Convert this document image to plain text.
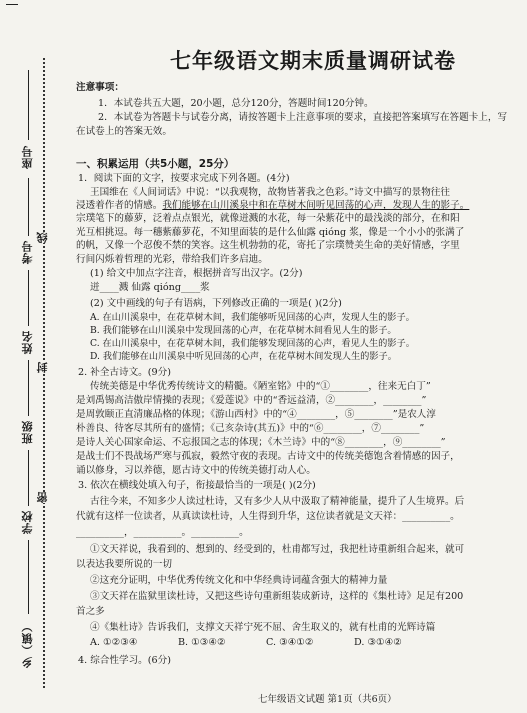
座号
考号
姓名
班级
学校
乡（镇）
线
封
密
七年级语文期末质量调研试卷
注意事项：
1．本试卷共五大题，20小题，总分120分，答题时间120分钟。
2．本试卷为答题卡与试卷分离，请按答题卡上注意事项的要求，直接把答案填写在答题卡上，写
在试卷上的答案无效。
一、积累运用（共5小题，25分）
1．阅读下面的文字，按要求完成下列各题。(4分)
王国维在《人间词话》中说：“以我观物，故物皆著我之色彩。”诗文中描写的景物往往
浸透着作者的情感。我们能够在山川溪泉中和在草树木间听见回荡的心声，发现人生的影子。
宗璞笔下的藤萝，泛着点点银光，就像迸溅的水花，每一朵紫花中的最浅淡的部分，在和阳
光互相挑逗。每一穗紫藤萝花，不知里面装的是什么仙露 qióng 浆，像是一个小小的张满了
的帆，又像一个忍俊不禁的笑容。这生机勃勃的花，寄托了宗璞赞美生命的美好情感，字里
行间闪烁着哲理的光彩，带给我们许多启迪。
(1) 给文中加点字注音，根据拼音写出汉字。(2分)
迸____溅 仙露 qióng____浆
(2) 文中画线的句子有语病，下列修改正确的一项是( )(2分)
A. 在山川溪泉中，在花草树木间，我们能够听见回荡的心声，发现人生的影子。
B. 我们能够在山川溪泉中发现回荡的心声，在花草树木间看见人生的影子。
C. 在山川溪泉中，在花草树木间，我们能够发现回荡的心声，看见人生的影子。
D. 我们能够在山川溪泉中听见回荡的心声，在花草树木间发现人生的影子。
2. 补全古诗文。(9分)
传统美德是中华优秀传统诗文的精髓。《陋室铭》中的“①________，往来无白丁”
是刘禹锡高洁傲岸情操的表现；《爱莲说》中的“香远益清，②________，________”
是周敦颐正直清廉品格的体现；《游山西村》中的“④________，⑤________”是农人淳
朴善良、待客尽其所有的盛情；《己亥杂诗(其五)》中的“⑥________，⑦________”
是诗人关心国家命运、不忘报国之志的体现；《木兰诗》中的“⑧________，⑨________”
是战士们不畏战场严寒与孤寂，毅然守夜的表现。古诗文中的传统美德饱含着情感的因子，
诵以修身，习以养德，愿古诗文中的传统美德打动人心。
3. 依次在横线处填入句子，衔接最恰当的一项是( )(2分)
古往今来，不知多少人读过杜诗，又有多少人从中汲取了精神能量，提升了人生境界。后
代就有这样一位读者，从真读读杜诗，人生得到升华，这位读者就是文天祥：__________。
__________，__________。__________。
①文天祥说，我看到的、想到的、经受到的，杜甫都写过，我把杜诗重新组合起来，就可
以表达我要所说的一切
②这充分证明，中华优秀传统文化和中华经典诗词蕴含强大的精神力量
③文天祥在监狱里读杜诗，又把这些诗句重新组装成新诗，这样的《集杜诗》足足有200
首之多
④《集杜诗》告诉我们，支撑文天祥宁死不屈、舍生取义的，就有杜甫的光辉诗篇
A. ①②③④	B. ①③④②	C. ③④①②	D. ③①④②
4. 综合性学习。(6分)
七年级语文试题 第1页（共6页）
